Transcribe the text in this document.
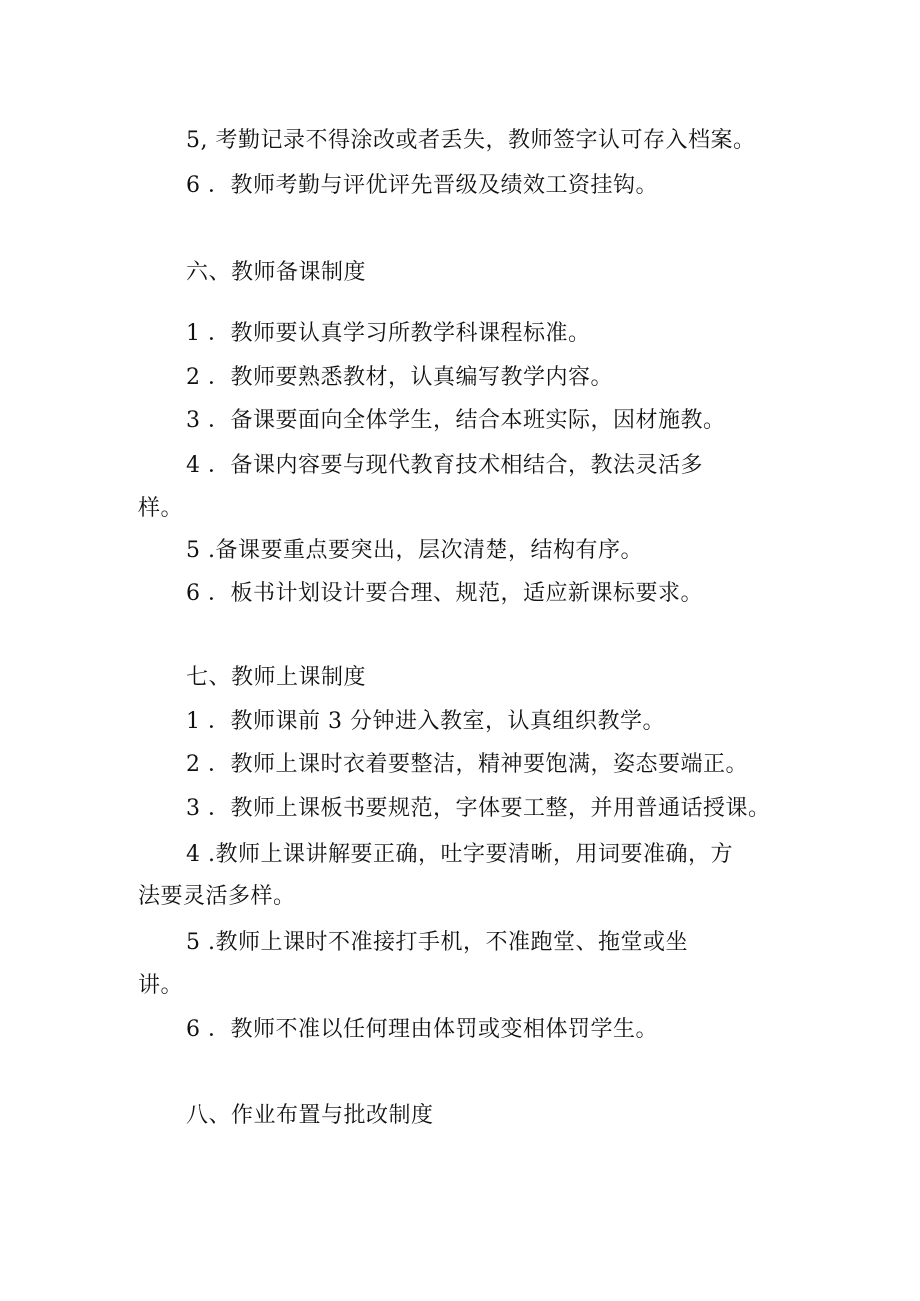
5, 考勤记录不得涂改或者丢失，教师签字认可存入档案。
6 ．教师考勤与评优评先晋级及绩效工资挂钩。
六、教师备课制度
1 ．教师要认真学习所教学科课程标准。
2 ．教师要熟悉教材，认真编写教学内容。
3 ．备课要面向全体学生，结合本班实际，因材施教。
4 ．备课内容要与现代教育技术相结合，教法灵活多
样。
5 .备课要重点要突出，层次清楚，结构有序。
6 ．板书计划设计要合理、规范，适应新课标要求。
七、教师上课制度
1 ．教师课前 3 分钟进入教室，认真组织教学。
2 ．教师上课时衣着要整洁，精神要饱满，姿态要端正。
3 ．教师上课板书要规范，字体要工整，并用普通话授课。
4 .教师上课讲解要正确，吐字要清晰，用词要准确，方
法要灵活多样。
5 .教师上课时不准接打手机，不准跑堂、拖堂或坐
讲。
6 ．教师不准以任何理由体罚或变相体罚学生。
八、作业布置与批改制度
